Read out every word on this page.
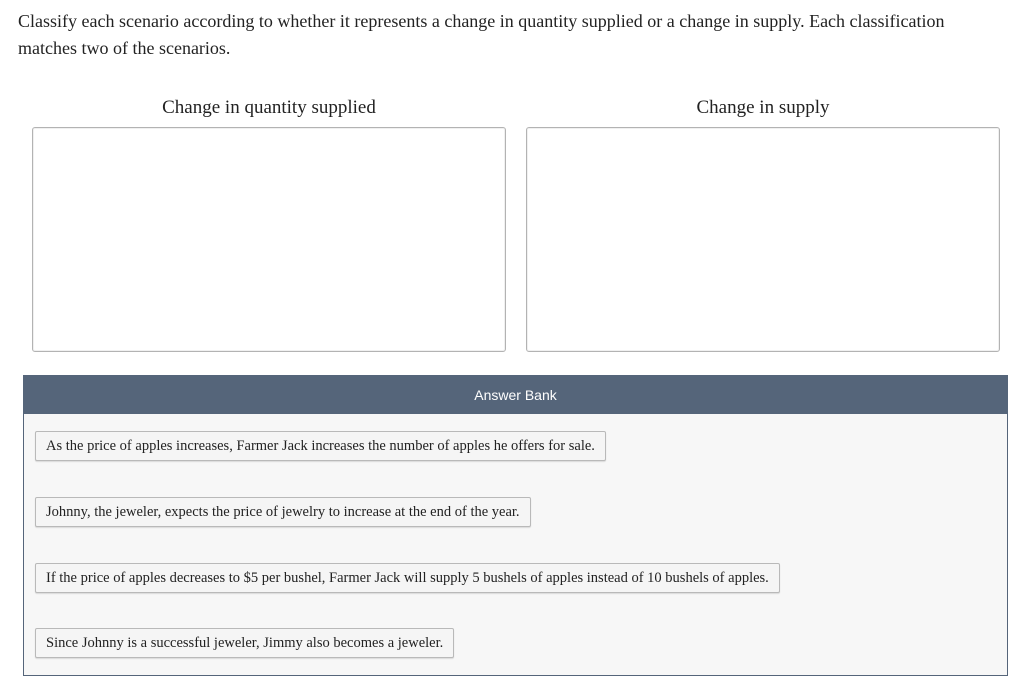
Classify each scenario according to whether it represents a change in quantity supplied or a change in supply. Each classification matches two of the scenarios.

Change in quantity supplied	Change in supply
Answer Bank
As the price of apples increases, Farmer Jack increases the number of apples he offers for sale.
Johnny, the jeweler, expects the price of jewelry to increase at the end of the year.
If the price of apples decreases to $5 per bushel, Farmer Jack will supply 5 bushels of apples instead of 10 bushels of apples.
Since Johnny is a successful jeweler, Jimmy also becomes a jeweler.
